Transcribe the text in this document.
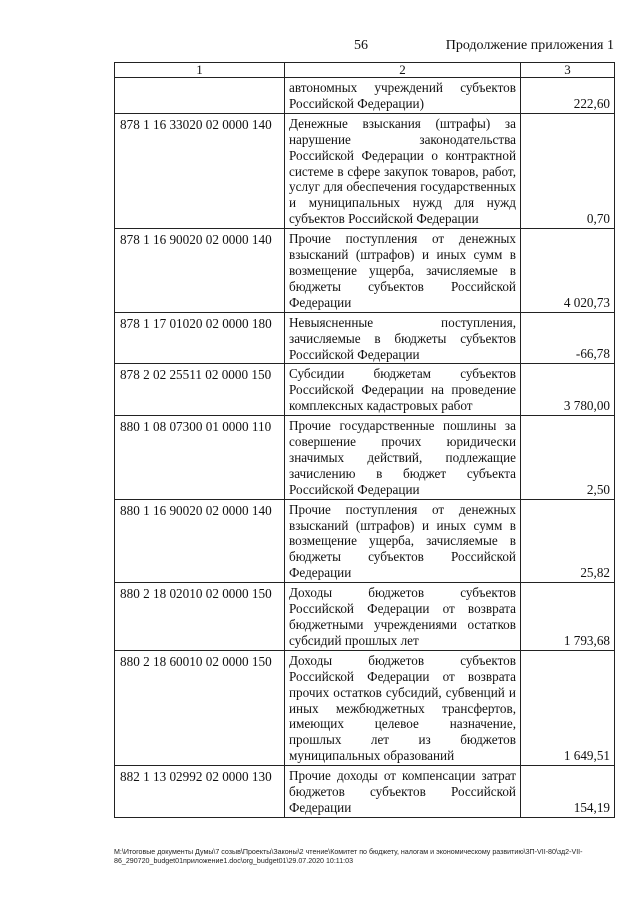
56	Продолжение приложения 1
1	2	3
	автономных учреждений субъектов Российской Федерации)	222,60
878 1 16 33020 02 0000 140	Денежные взыскания (штрафы) за нарушение законодательства Российской Федерации о контрактной системе в сфере закупок товаров, работ, услуг для обеспечения государственных и муниципальных нужд для нужд субъектов Российской Федерации	0,70
878 1 16 90020 02 0000 140	Прочие поступления от денежных взысканий (штрафов) и иных сумм в возмещение ущерба, зачисляемые в бюджеты субъектов Российской Федерации	4 020,73
878 1 17 01020 02 0000 180	Невыясненные поступления, зачисляемые в бюджеты субъектов Российской Федерации	-66,78
878 2 02 25511 02 0000 150	Субсидии бюджетам субъектов Российской Федерации на проведение комплексных кадастровых работ	3 780,00
880 1 08 07300 01 0000 110	Прочие государственные пошлины за совершение прочих юридически значимых действий, подлежащие зачислению в бюджет субъекта Российской Федерации	2,50
880 1 16 90020 02 0000 140	Прочие поступления от денежных взысканий (штрафов) и иных сумм в возмещение ущерба, зачисляемые в бюджеты субъектов Российской Федерации	25,82
880 2 18 02010 02 0000 150	Доходы бюджетов субъектов Российской Федерации от возврата бюджетными учреждениями остатков субсидий прошлых лет	1 793,68
880 2 18 60010 02 0000 150	Доходы бюджетов субъектов Российской Федерации от возврата прочих остатков субсидий, субвенций и иных межбюджетных трансфертов, имеющих целевое назначение, прошлых лет из бюджетов муниципальных образований	1 649,51
882 1 13 02992 02 0000 130	Прочие доходы от компенсации затрат бюджетов субъектов Российской Федерации	154,19
M:\Итоговые документы Думы\7 созыв\Проекты\Законы\2 чтение\Комитет по бюджету, налогам и экономическому развитию\3П-VII-80\зд2-VII-
86_290720_budget01приложение1.doc\org_budget01\29.07.2020 10:11:03
